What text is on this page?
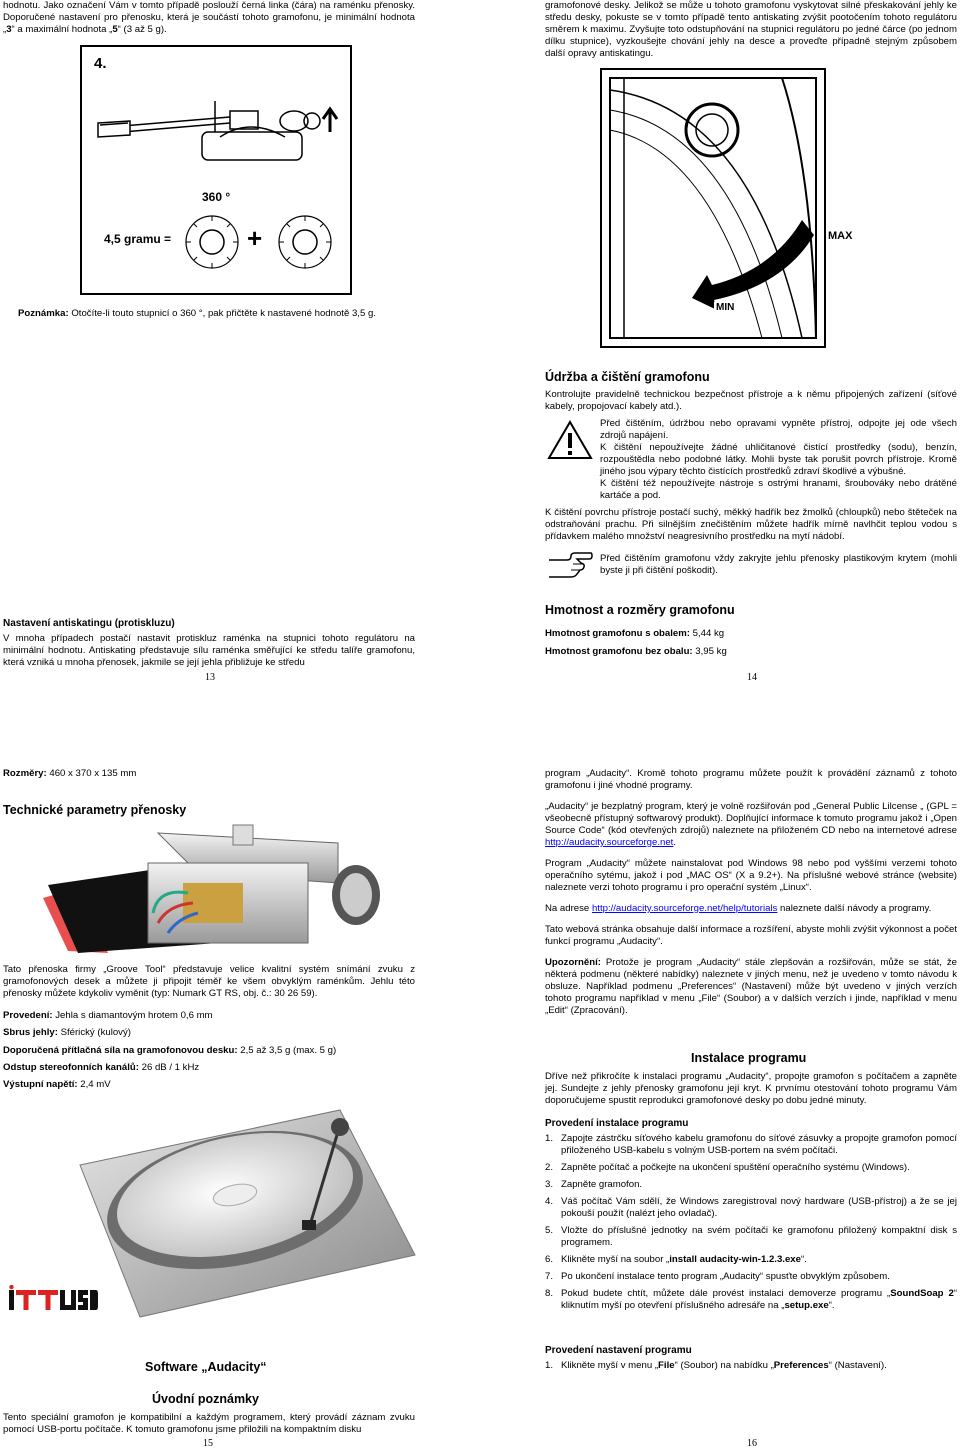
hodnotu. Jako označení Vám v tomto případě poslouží černá linka (čára) na raménku přenosky. Doporučené nastavení pro přenosku, která je součástí tohoto gramofonu, je minimální hodnota „3“ a maximální hodnota „5“ (3 až 5 g).

4.
360 °
4,5 gramu =	+

Poznámka: Otočíte-li touto stupnicí o 360 °, pak přičtěte k nastavené hodnotě 3,5 g.

Nastavení antiskatingu (protiskluzu)

V mnoha případech postačí nastavit protiskluz raménka na stupnici tohoto regulátoru na minimální hodnotu. Antiskating představuje sílu raménka směřující ke středu talíře gramofonu, která vzniká u mnoha přenosek, jakmile se její jehla přibližuje ke středu

13

gramofonové desky. Jelikož se může u tohoto gramofonu vyskytovat silné přeskakování jehly ke středu desky, pokuste se v tomto případě tento antiskating zvýšit pootočením tohoto regulátoru směrem k maximu. Zvyšujte toto odstupňování na stupnici regulátoru po jedné čárce (po jednom dílku stupnice), vyzkoušejte chování jehly na desce a proveďte případně stejným způsobem další opravy antiskatingu.

MIN
MAX
Údržba a čištění gramofonu

Kontrolujte pravidelně technickou bezpečnost přístroje a k němu připojených zařízení (síťové kabely, propojovací kabely atd.).

Před čištěním, údržbou nebo opravami vypněte přístroj, odpojte jej ode všech zdrojů napájení.

K čištění nepoužívejte žádné uhličitanové čistící prostředky (sodu), benzín, rozpouštědla nebo podobné látky. Mohli byste tak porušit povrch přístroje. Kromě jiného jsou výpary těchto čistících prostředků zdraví škodlivé a výbušné.

K čištění též nepoužívejte nástroje s ostrými hranami, šroubováky nebo drátěné kartáče a pod.

K čištění povrchu přístroje postačí suchý, měkký hadřík bez žmolků (chloupků) nebo štěteček na odstraňování prachu. Při silnějším znečištěním můžete hadřík mírně navlhčit teplou vodou s přídavkem malého množství neagresivního prostředku na mytí nádobí.

Před čištěním gramofonu vždy zakryjte jehlu přenosky plastikovým krytem (mohli byste ji při čištění poškodit).

Hmotnost a rozměry gramofonu

Hmotnost gramofonu s obalem: 5,44 kg

Hmotnost gramofonu bez obalu: 3,95 kg

14

Rozměry: 460 x 370 x 135 mm

Technické parametry přenosky

Tato přenoska firmy „Groove Tool“ představuje velice kvalitní systém snímání zvuku z gramofonových desek a můžete ji připojit téměř ke všem obvyklým raménkům. Jehlu této přenosky můžete kdykoliv vyměnit (typ: Numark GT RS, obj. č.: 30 26 59).

Provedení: Jehla s diamantovým hrotem 0,6 mm

Sbrus jehly: Sférický (kulový)

Doporučená přítlačná síla na gramofonovou desku: 2,5 až 3,5 g (max. 5 g)

Odstup stereofonních kanálů: 26 dB / 1 kHz

Výstupní napětí: 2,4 mV

Software „Audacity“
Úvodní poznámky

Tento speciální gramofon je kompatibilní a každým programem, který provádí záznam zvuku pomocí USB-portu počítače. K tomuto gramofonu jsme přiložili na kompaktním disku

15

program „Audacity“. Kromě tohoto programu můžete použít k provádění záznamů z tohoto gramofonu i jiné vhodné programy.

„Audacity“ je bezplatný program, který je volně rozšiřován pod „General Public Lilcense „ (GPL = všeobecně přístupný softwarový produkt). Doplňující informace k tomuto programu jakož i „Open Source Code“ (kód otevřených zdrojů) naleznete na přiloženém CD nebo na internetové adrese http://audacity.sourceforge.net.

Program „Audacity“ můžete nainstalovat pod Windows 98 nebo pod vyššími verzemi tohoto operačního sytému, jakož i pod „MAC OS“ (X a 9.2+). Na příslušné webové stránce (website) naleznete verzi tohoto programu i pro operační systém „Linux“.

Na adrese http://audacity.sourceforge.net/help/tutorials naleznete další návody a programy.

Tato webová stránka obsahuje další informace a rozšíření, abyste mohli zvýšit výkonnost a počet funkcí programu „Audacity“.

Upozornění: Protože je program „Audacity“ stále zlepšován a rozšiřován, může se stát, že některá podmenu (některé nabídky) naleznete v jiných menu, než je uvedeno v tomto návodu k obsluze. Například podmenu „Preferences“ (Nastavení) může být uvedeno v jiných verzích tohoto programu například v menu „File“ (Soubor) a v dalších verzích i jinde, například v menu „Edit“ (Zpracování).

Instalace programu

Dříve než přikročíte k instalaci programu „Audacity“, propojte gramofon s počítačem a zapněte jej. Sundejte z jehly přenosky gramofonu její kryt. K prvnímu otestování tohoto programu Vám doporučujeme spustit reprodukci gramofonové desky po dobu jedné minuty.

Provedení instalace programu
1. Zapojte zástrčku síťového kabelu gramofonu do síťové zásuvky a propojte gramofon pomocí přiloženého USB-kabelu s volným USB-portem na svém počítači.
2. Zapněte počítač a počkejte na ukončení spuštění operačního systému (Windows).
3. Zapněte gramofon.
4. Váš počítač Vám sdělí, že Windows zaregistroval nový hardware (USB-přístroj) a že se jej pokouší použít (nalézt jeho ovladač).
5. Vložte do příslušné jednotky na svém počítači ke gramofonu přiložený kompaktní disk s programem.
6. Klikněte myší na soubor „install audacity-win-1.2.3.exe“.
7. Po ukončení instalace tento program „Audacity“ spusťte obvyklým způsobem.
8. Pokud budete chtít, můžete dále provést instalaci demoverze programu „SoundSoap 2“ kliknutím myší po otevření příslušného adresáře na „setup.exe“.
Provedení nastavení programu
1. Klikněte myší v menu „File“ (Soubor) na nabídku „Preferences“ (Nastavení).
16
